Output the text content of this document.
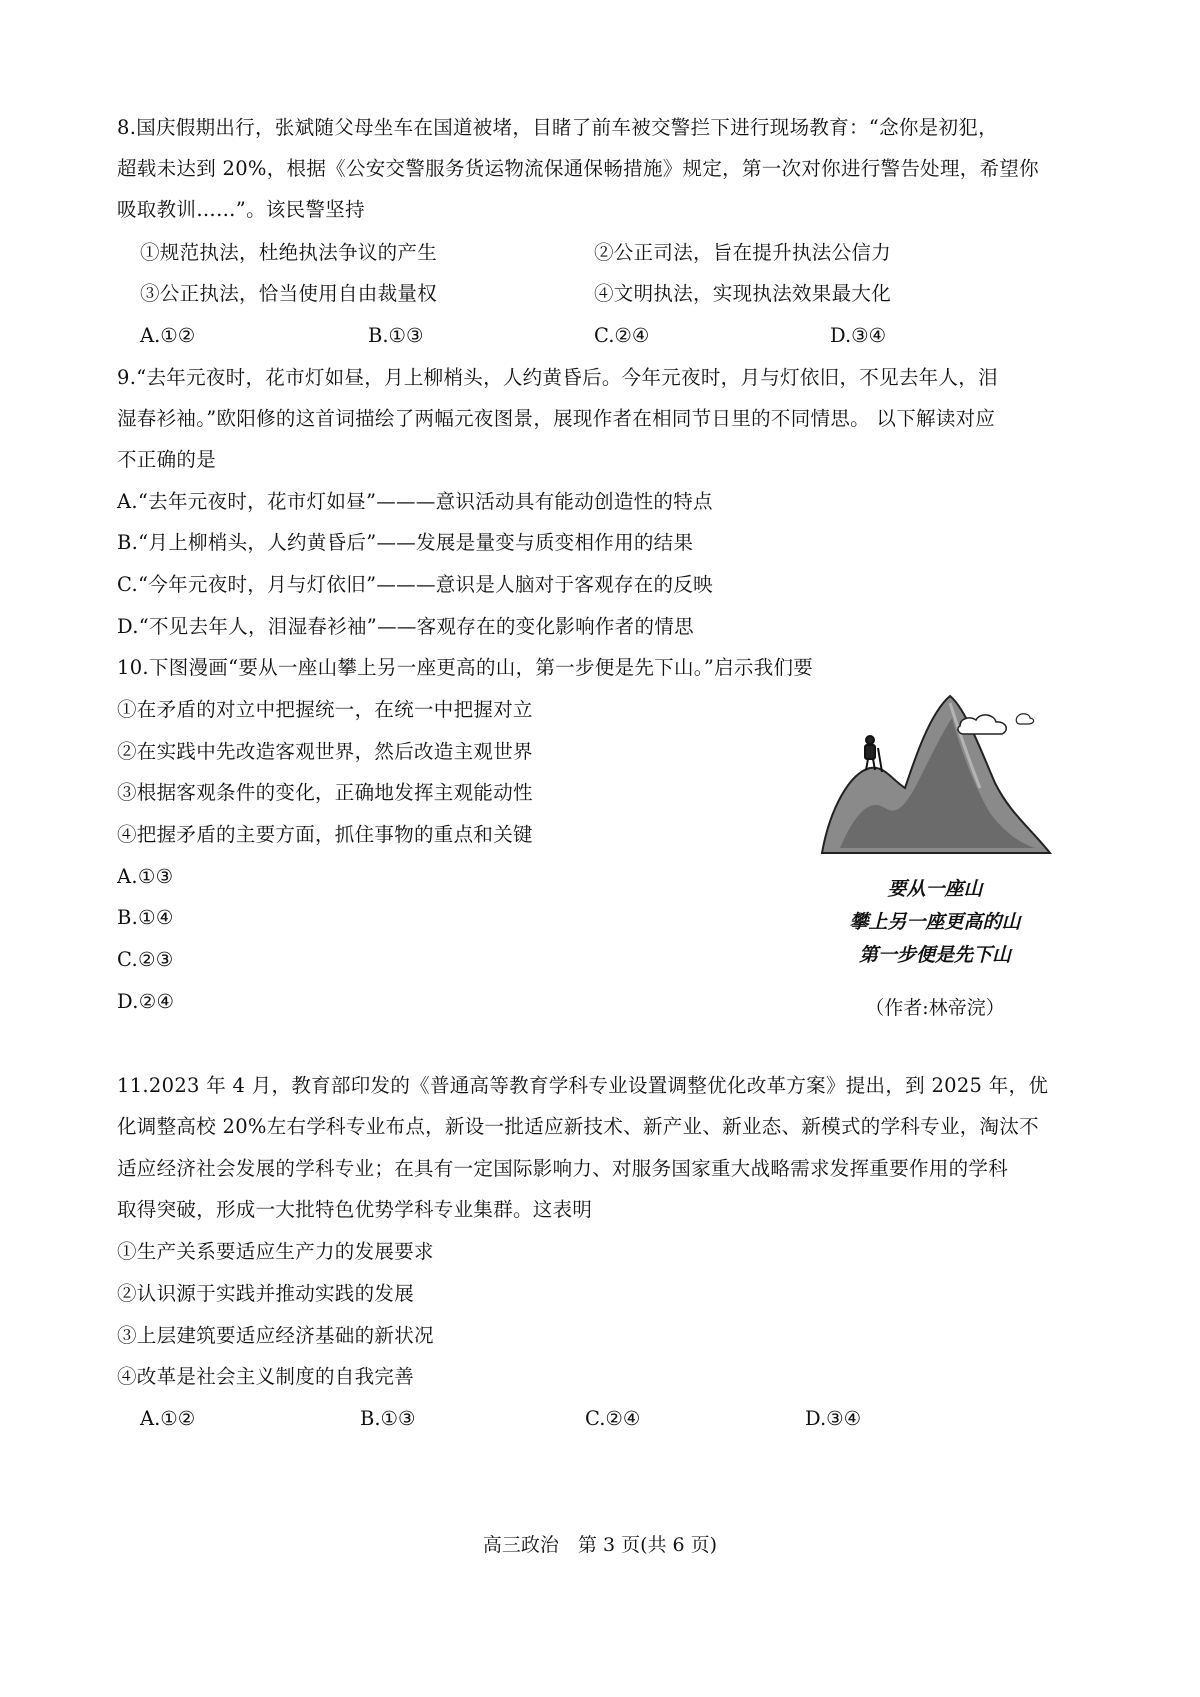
8.国庆假期出行，张斌随父母坐车在国道被堵，目睹了前车被交警拦下进行现场教育：“念你是初犯，
超载未达到 20%，根据《公安交警服务货运物流保通保畅措施》规定，第一次对你进行警告处理，希望你
吸取教训……”。该民警坚持
①规范执法，杜绝执法争议的产生	②公正司法，旨在提升执法公信力
③公正执法，恰当使用自由裁量权	④文明执法，实现执法效果最大化
A.①②	B.①③	C.②④	D.③④
9.“去年元夜时，花市灯如昼，月上柳梢头，人约黄昏后。今年元夜时，月与灯依旧，不见去年人，泪
湿春衫袖。”欧阳修的这首词描绘了两幅元夜图景，展现作者在相同节日里的不同情思。 以下解读对应
不正确的是
A.“去年元夜时，花市灯如昼”———意识活动具有能动创造性的特点
B.“月上柳梢头，人约黄昏后”——发展是量变与质变相作用的结果
C.“今年元夜时，月与灯依旧”———意识是人脑对于客观存在的反映
D.“不见去年人，泪湿春衫袖”——客观存在的变化影响作者的情思
10.下图漫画“要从一座山攀上另一座更高的山，第一步便是先下山。”启示我们要
①在矛盾的对立中把握统一，在统一中把握对立
②在实践中先改造客观世界，然后改造主观世界
③根据客观条件的变化，正确地发挥主观能动性
④把握矛盾的主要方面，抓住事物的重点和关键
A.①③
B.①④
C.②③
D.②④
要从一座山
攀上另一座更高的山
第一步便是先下山
（作者:林帝浣）
11.2023 年 4 月，教育部印发的《普通高等教育学科专业设置调整优化改革方案》提出，到 2025 年，优
化调整高校 20%左右学科专业布点，新设一批适应新技术、新产业、新业态、新模式的学科专业，淘汰不
适应经济社会发展的学科专业；在具有一定国际影响力、对服务国家重大战略需求发挥重要作用的学科
取得突破，形成一大批特色优势学科专业集群。这表明
①生产关系要适应生产力的发展要求
②认识源于实践并推动实践的发展
③上层建筑要适应经济基础的新状况
④改革是社会主义制度的自我完善
A.①②	B.①③	C.②④	D.③④
高三政治　第 3 页(共 6 页)
